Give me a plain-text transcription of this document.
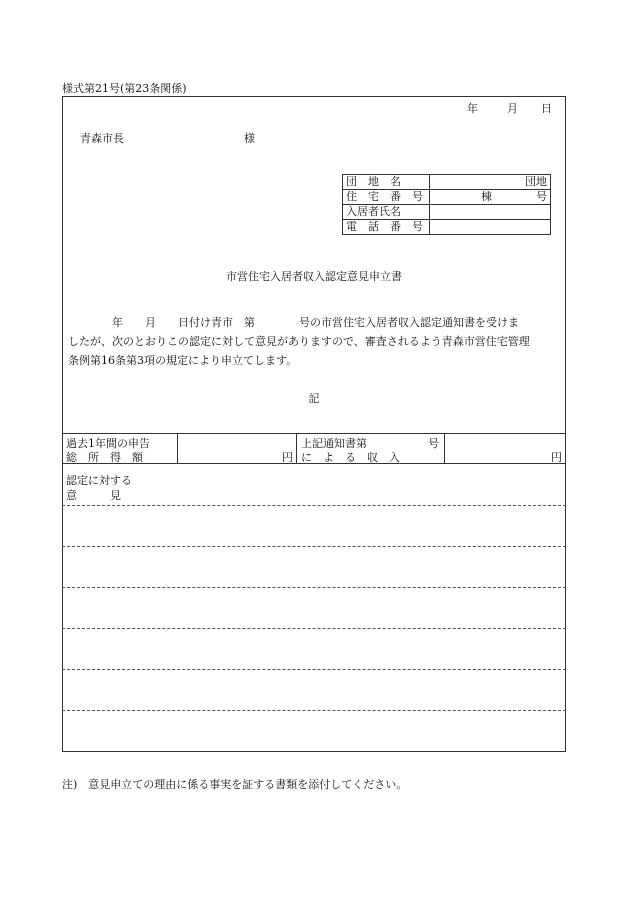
様式第21号(第23条関係)
年	月 日
青森市長	様
団　地　名	団地
住　宅　番　号	棟 号
入居者氏名	
電　話　番　号	
市営住宅入居者収入認定意見申立書
　　　　年　　月　　日付け青市　第　　　　号の市営住宅入居者収入認定通知書を受けま
したが、次のとおりこの認定に対して意見がありますので、審査されるよう青森市営住宅管理
条例第16条第3項の規定により申立てします。
記
過去1年間の申告
総　所　得　額	円
上記通知書第	号
に　よ　る　収　入	円
認定に対する
意　　　見
注)　意見申立ての理由に係る事実を証する書類を添付してください。
